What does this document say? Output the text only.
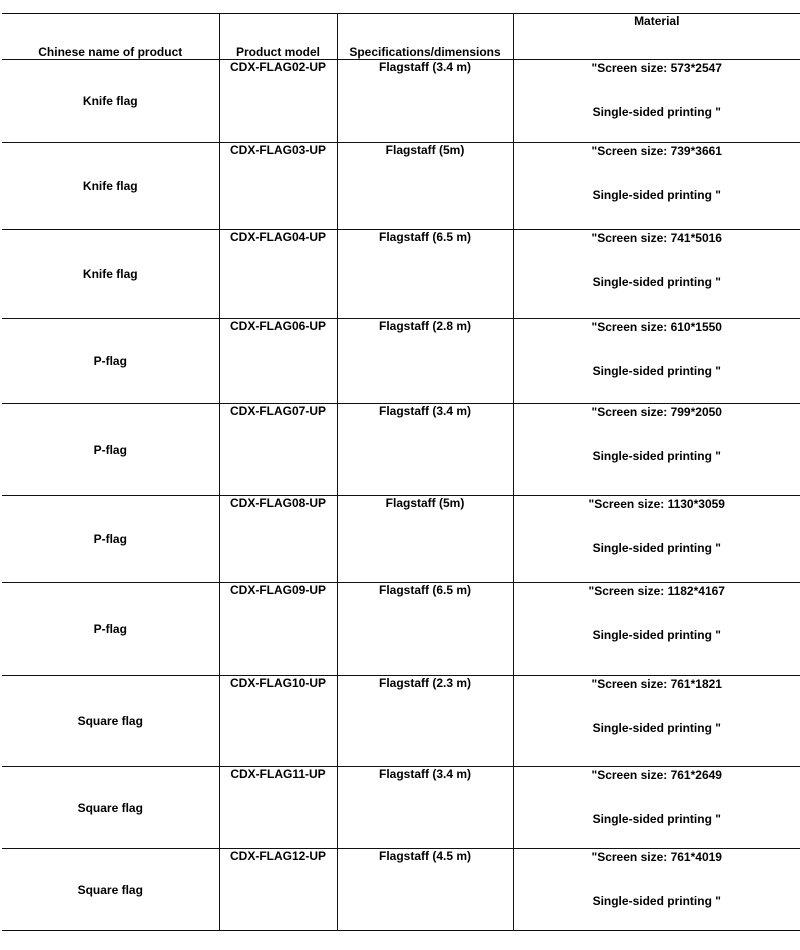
Chinese name of product	Product model	Specifications/dimensions	Material
Knife flag	CDX-FLAG02-UP	Flagstaff (3.4 m)	"Screen size: 573*2547
Single-sided printing "

Knife flag	CDX-FLAG03-UP	Flagstaff (5m)	"Screen size: 739*3661
Single-sided printing "

Knife flag	CDX-FLAG04-UP	Flagstaff (6.5 m)	"Screen size: 741*5016
Single-sided printing "

P-flag	CDX-FLAG06-UP	Flagstaff (2.8 m)	"Screen size: 610*1550
Single-sided printing "

P-flag	CDX-FLAG07-UP	Flagstaff (3.4 m)	"Screen size: 799*2050
Single-sided printing "

P-flag	CDX-FLAG08-UP	Flagstaff (5m)	"Screen size: 1130*3059
Single-sided printing "

P-flag	CDX-FLAG09-UP	Flagstaff (6.5 m)	"Screen size: 1182*4167
Single-sided printing "

Square flag	CDX-FLAG10-UP	Flagstaff (2.3 m)	"Screen size: 761*1821
Single-sided printing "

Square flag	CDX-FLAG11-UP	Flagstaff (3.4 m)	"Screen size: 761*2649
Single-sided printing "

Square flag	CDX-FLAG12-UP	Flagstaff (4.5 m)	"Screen size: 761*4019
Single-sided printing "
